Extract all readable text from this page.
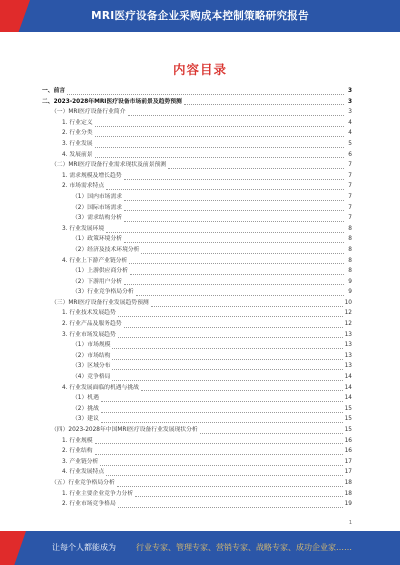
MRI医疗设备企业采购成本控制策略研究报告
内容目录
一、前言	3
二、2023-2028年MRI医疗设备市场前景及趋势预测	3
（一）MRI医疗设备行业简介	3
1. 行业定义	4
2. 行业分类	4
3. 行业发展	5
4. 发展前景	6
（二）MRI医疗设备行业需求现状及前景预测	7
1. 需求规模及增长趋势	7
2. 市场需求特点	7
（1）国内市场需求	7
（2）国际市场需求	7
（3）需求结构分析	7
3. 行业发展环境	8
（1）政策环境分析	8
（2）经济及技术环境分析	8
4. 行业上下游产业链分析	8
（1）上游供应商分析	8
（2）下游用户分析	9
（3）行业竞争格局分析	9
（三）MRI医疗设备行业发展趋势预测	10
1. 行业技术发展趋势	12
2. 行业产品及服务趋势	12
3. 行业市场发展趋势	13
（1）市场规模	13
（2）市场结构	13
（3）区域分布	13
（4）竞争格局	14
4. 行业发展面临的机遇与挑战	14
（1）机遇	14
（2）挑战	15
（3）建议	15
（四）2023-2028年中国MRI医疗设备行业发展现状分析	15
1. 行业规模	16
2. 行业结构	16
3. 产业链分析	17
4. 行业发展特点	17
（五）行业竞争格局分析	18
1. 行业主要企业竞争力分析	18
2. 行业市场竞争格局	19
1
让每个人都能成为	行业专家、管理专家、营销专家、战略专家、成功企业家……
